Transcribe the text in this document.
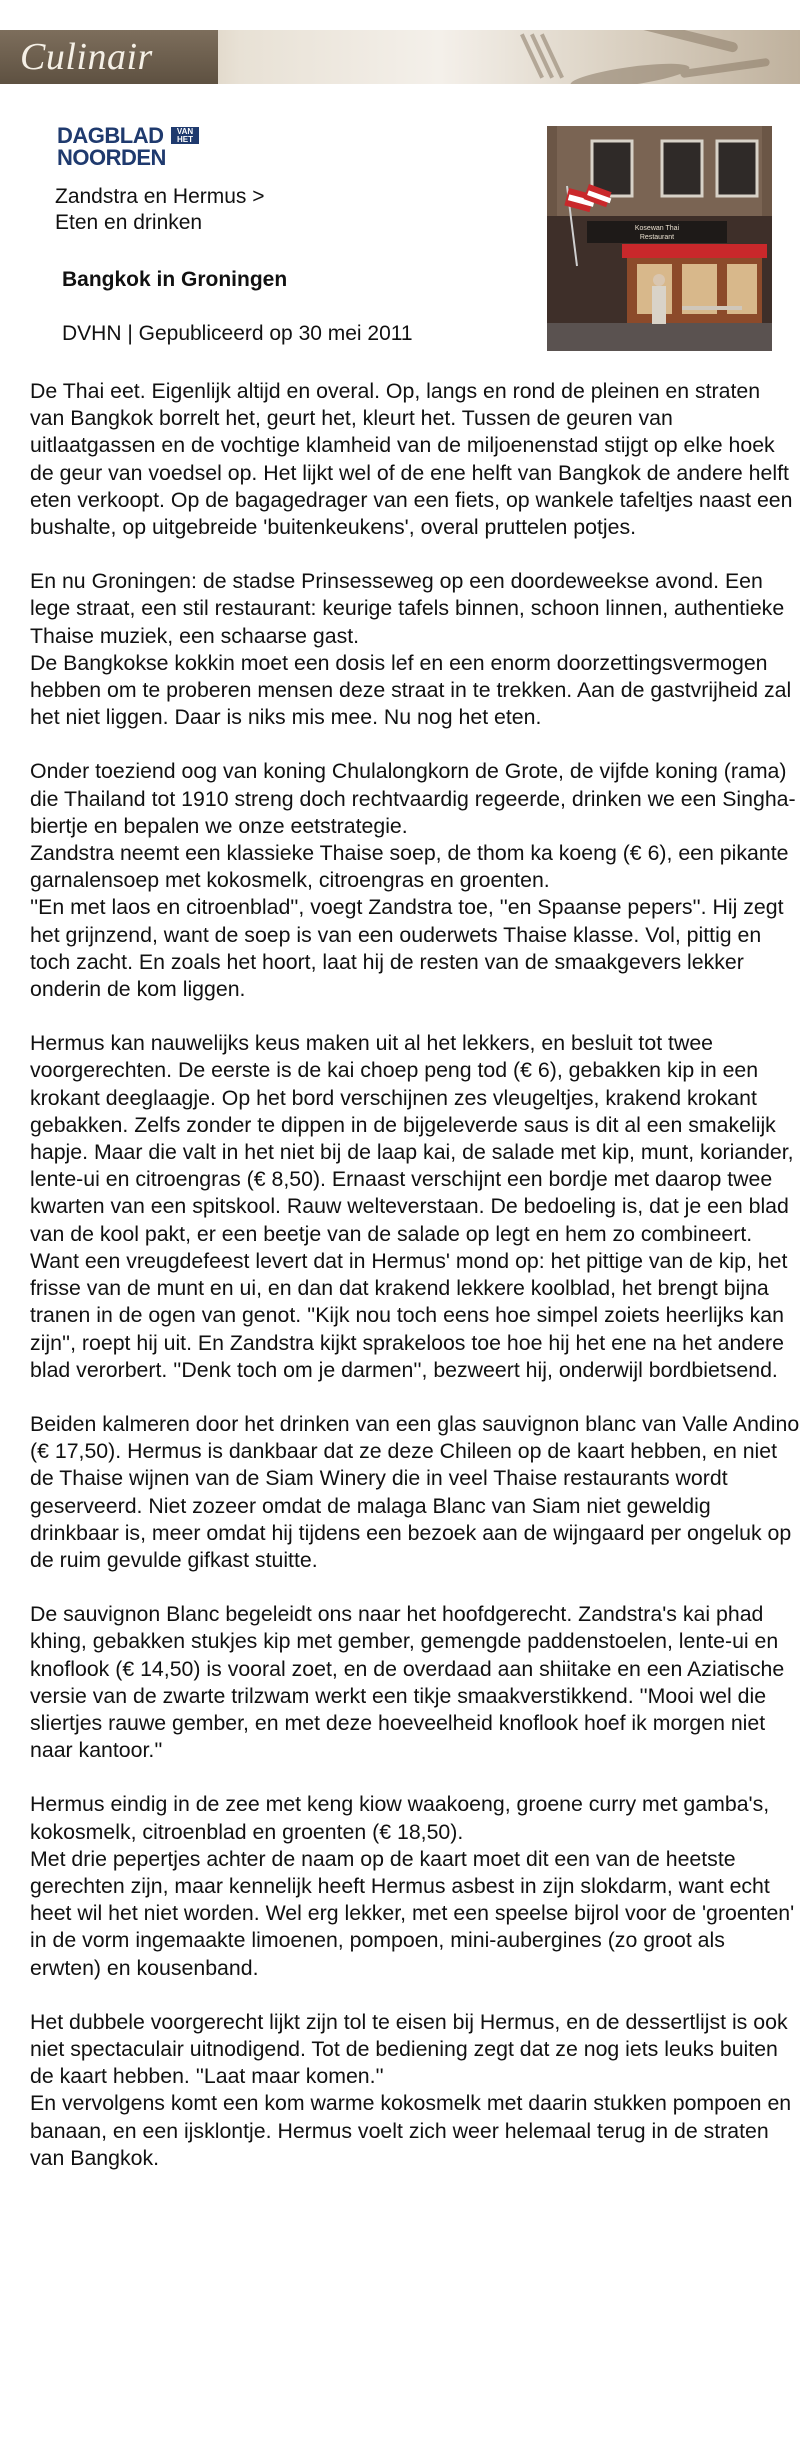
Culinair
DAGBLAD	VAN HET
NOORDEN
Zandstra en Hermus >
Eten en drinken
Bangkok in Groningen
DVHN | Gepubliceerd op 30 mei 2011
Kosewan Thai
Restaurant

De Thai eet. Eigenlijk altijd en overal. Op, langs en rond de pleinen en straten van Bangkok borrelt het, geurt het, kleurt het. Tussen de geuren van uitlaatgassen en de vochtige klamheid van de miljoenenstad stijgt op elke hoek de geur van voedsel op. Het lijkt wel of de ene helft van Bangkok de andere helft eten verkoopt. Op de bagagedrager van een fiets, op wankele tafeltjes naast een bushalte, op uitgebreide 'buitenkeukens', overal pruttelen potjes.

En nu Groningen: de stadse Prinsesseweg op een doordeweekse avond. Een lege straat, een stil restaurant: keurige tafels binnen, schoon linnen, authentieke Thaise muziek, een schaarse gast.
De Bangkokse kokkin moet een dosis lef en een enorm doorzettingsvermogen hebben om te proberen mensen deze straat in te trekken. Aan de gastvrijheid zal het niet liggen. Daar is niks mis mee. Nu nog het eten.

Onder toeziend oog van koning Chulalongkorn de Grote, de vijfde koning (rama) die Thailand tot 1910 streng doch rechtvaardig regeerde, drinken we een Singha-biertje en bepalen we onze eetstrategie.
Zandstra neemt een klassieke Thaise soep, de thom ka koeng (€ 6), een pikante garnalensoep met kokosmelk, citroengras en groenten.
''En met laos en citroenblad'', voegt Zandstra toe, ''en Spaanse pepers''. Hij zegt het grijnzend, want de soep is van een ouderwets Thaise klasse. Vol, pittig en toch zacht. En zoals het hoort, laat hij de resten van de smaakgevers lekker onderin de kom liggen.

Hermus kan nauwelijks keus maken uit al het lekkers, en besluit tot twee voorgerechten. De eerste is de kai choep peng tod (€ 6), gebakken kip in een krokant deeglaagje. Op het bord verschijnen zes vleugeltjes, krakend krokant gebakken. Zelfs zonder te dippen in de bijgeleverde saus is dit al een smakelijk hapje. Maar die valt in het niet bij de laap kai, de salade met kip, munt, koriander, lente-ui en citroengras (€ 8,50). Ernaast verschijnt een bordje met daarop twee kwarten van een spitskool. Rauw welteverstaan. De bedoeling is, dat je een blad van de kool pakt, er een beetje van de salade op legt en hem zo combineert. Want een vreugdefeest levert dat in Hermus' mond op: het pittige van de kip, het frisse van de munt en ui, en dan dat krakend lekkere koolblad, het brengt bijna tranen in de ogen van genot. ''Kijk nou toch eens hoe simpel zoiets heerlijks kan zijn'', roept hij uit. En Zandstra kijkt sprakeloos toe hoe hij het ene na het andere blad verorbert. ''Denk toch om je darmen'', bezweert hij, onderwijl bordbietsend.

Beiden kalmeren door het drinken van een glas sauvignon blanc van Valle Andino (€ 17,50). Hermus is dankbaar dat ze deze Chileen op de kaart hebben, en niet de Thaise wijnen van de Siam Winery die in veel Thaise restaurants wordt geserveerd. Niet zozeer omdat de malaga Blanc van Siam niet geweldig drinkbaar is, meer omdat hij tijdens een bezoek aan de wijngaard per ongeluk op de ruim gevulde gifkast stuitte.

De sauvignon Blanc begeleidt ons naar het hoofdgerecht. Zandstra's kai phad khing, gebakken stukjes kip met gember, gemengde paddenstoelen, lente-ui en knoflook (€ 14,50) is vooral zoet, en de overdaad aan shiitake en een Aziatische versie van de zwarte trilzwam werkt een tikje smaakverstikkend. ''Mooi wel die sliertjes rauwe gember, en met deze hoeveelheid knoflook hoef ik morgen niet naar kantoor.''

Hermus eindig in de zee met keng kiow waakoeng, groene curry met gamba's, kokosmelk, citroenblad en groenten (€ 18,50).
Met drie pepertjes achter de naam op de kaart moet dit een van de heetste gerechten zijn, maar kennelijk heeft Hermus asbest in zijn slokdarm, want echt heet wil het niet worden. Wel erg lekker, met een speelse bijrol voor de 'groenten' in de vorm ingemaakte limoenen, pompoen, mini-aubergines (zo groot als erwten) en kousenband.

Het dubbele voorgerecht lijkt zijn tol te eisen bij Hermus, en de dessertlijst is ook niet spectaculair uitnodigend. Tot de bediening zegt dat ze nog iets leuks buiten de kaart hebben. ''Laat maar komen.''
En vervolgens komt een kom warme kokosmelk met daarin stukken pompoen en banaan, en een ijsklontje. Hermus voelt zich weer helemaal terug in de straten van Bangkok.
